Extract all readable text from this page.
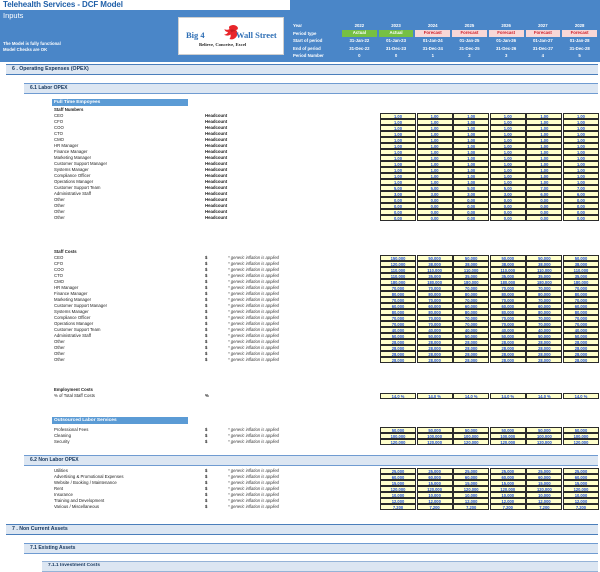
Telehealth Services - DCF Model
Inputs
The Model is fully functional
Model Checks are OK
Big 4	Wall Street
Believe, Conceive, Excel
Year	2022	2023	2024	2025	2026	2027	2028
Period type	Actual	Actual	Forecast	Forecast	Forecast	Forecast	Forecast

Start of period	31-Jan-22	01-Jan-23	01-Jan-24	01-Jan-25	01-Jan-26	01-Jan-27	01-Jan-28
End of period	31-Dec-22	31-Dec-23	31-Dec-24	31-Dec-25	31-Dec-26	31-Dec-27	31-Dec-28
Period Number	0	0	1	2	3	4	5
6 . Operating Expenses (OPEX)
6.1 Labor OPEX
Full Time Empoyees
Staff Numbers
CEO	Headcount	1.00	1.00	1.00	1.00	1.00	1.00
CFO	Headcount	1.00	1.00	1.00	1.00	1.00	1.00
COO	Headcount	1.00	1.00	1.00	1.00	1.00	1.00
CTO	Headcount	1.00	1.00	1.00	1.00	1.00	1.00
CMO	Headcount	1.00	1.00	1.00	1.00	1.00	1.00
HR Manager	Headcount	1.00	1.00	1.00	1.00	1.00	1.00
Finance Manager	Headcount	1.00	1.00	1.00	1.00	1.00	1.00
Marketing Manager	Headcount	1.00	1.00	1.00	1.00	1.00	1.00
Customer Support Manager	Headcount	1.00	1.00	1.00	1.00	1.00	1.00
Systems Manager	Headcount	1.00	1.00	1.00	1.00	1.00	1.00
Compliance Officer	Headcount	1.00	1.00	1.00	1.00	1.00	1.00
Operations Manager	Headcount	1.00	1.00	1.00	1.00	1.00	1.00
Customer Support Team	Headcount	5.00	5.00	5.00	5.00	7.00	7.00
Administrative Staff	Headcount	3.00	3.00	3.00	3.00	6.00	6.00
Other	Headcount	0.00	0.00	0.00	0.00	0.00	0.00
Other	Headcount	0.00	0.00	0.00	0.00	0.00	0.00
Other	Headcount	0.00	0.00	0.00	0.00	0.00	0.00
Other	Headcount	0.00	0.00	0.00	0.00	0.00	0.00
Staff Costs
CEO	$	* generic inflation is applied	150,000	50,000	50,000	50,000	50,000	50,000
CFO	$	* generic inflation is applied	120,000	38,000	38,000	38,000	38,000	38,000
COO	$	* generic inflation is applied	110,000	110,000	110,000	110,000	110,000	110,000
CTO	$	* generic inflation is applied	110,000	35,000	35,000	35,000	35,000	35,000
CMO	$	* generic inflation is applied	180,000	180,000	180,000	180,000	180,000	180,000
HR Manager	$	* generic inflation is applied	70,000	70,000	70,000	70,000	70,000	70,000
Finance Manager	$	* generic inflation is applied	80,000	80,000	80,000	80,000	80,000	80,000
Marketing Manager	$	* generic inflation is applied	70,000	70,000	70,000	70,000	70,000	70,000
Customer Support Manager	$	* generic inflation is applied	60,000	60,000	60,000	60,000	60,000	60,000
Systems Manager	$	* generic inflation is applied	80,000	80,000	80,000	80,000	80,000	80,000
Compliance Officer	$	* generic inflation is applied	70,000	70,000	70,000	70,000	70,000	70,000
Operations Manager	$	* generic inflation is applied	70,000	70,000	70,000	70,000	70,000	70,000
Customer Support Team	$	* generic inflation is applied	40,000	40,000	40,000	40,000	40,000	40,000
Administrative Staff	$	* generic inflation is applied	50,000	50,000	50,000	50,000	50,000	50,000
Other	$	* generic inflation is applied	28,000	28,000	28,000	28,000	28,000	28,000
Other	$	* generic inflation is applied	28,000	28,000	28,000	28,000	28,000	28,000
Other	$	* generic inflation is applied	28,000	28,000	28,000	28,000	28,000	28,000
Other	$	* generic inflation is applied	28,000	28,000	28,000	28,000	28,000	28,000
Employment Costs
% of Total Staff Costs	%	14.0 %	14.0 %	14.0 %	14.0 %	14.0 %	14.0 %
Outsourced Labor Services
Professional Fees	$	* generic inflation is applied	50,000	50,000	50,000	50,000	50,000	50,000
Cleaning	$	* generic inflation is applied	100,000	100,000	100,000	100,000	100,000	100,000
Security	$	* generic inflation is applied	120,000	120,000	120,000	120,000	120,000	120,000
6.2 Non Labor OPEX
Utilities	$	* generic inflation is applied	25,000	25,000	25,000	25,000	25,000	25,000
Advertising & Promotional Expenses	$	* generic inflation is applied	60,000	60,000	60,000	60,000	60,000	60,000
Website / Booking / Maintenance	$	* generic inflation is applied	15,000	15,000	15,000	15,000	15,000	15,000
Rent	$	* generic inflation is applied	120,000	120,000	120,000	120,000	120,000	120,000
Insurance	$	* generic inflation is applied	10,000	10,000	10,000	10,000	10,000	10,000
Training and Development	$	* generic inflation is applied	12,000	12,000	12,000	12,000	12,000	12,000
Various / Miscellaneous	$	* generic inflation is applied	7,200	7,200	7,200	7,200	7,200	7,200
7 . Non Current Assets
7.1 Existing Assets
7.1.1 Investment Costs
